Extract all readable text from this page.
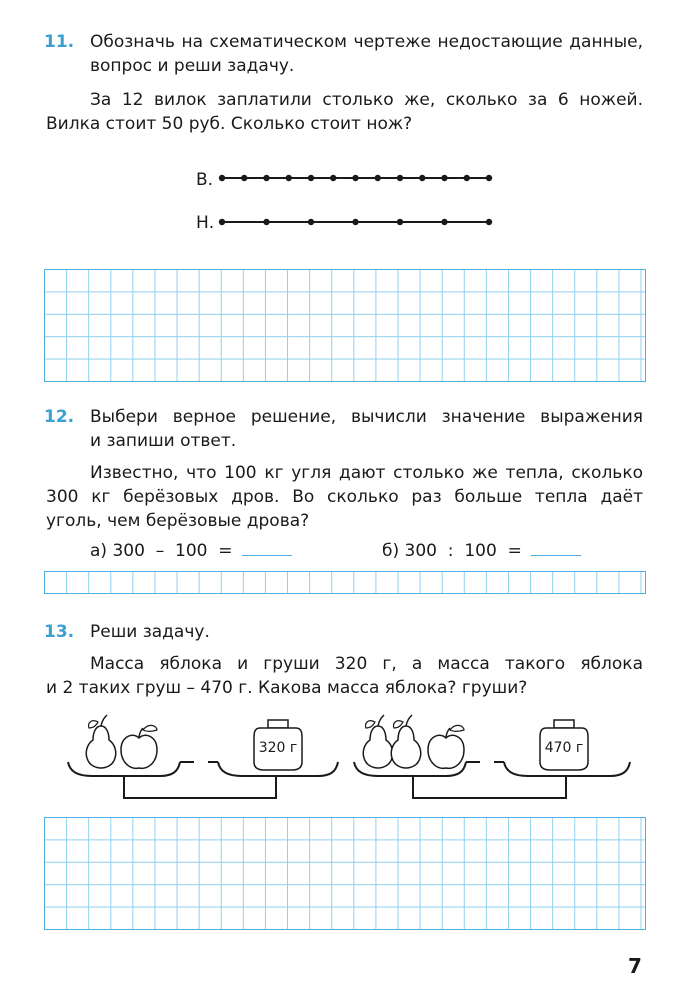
11. Обозначь на схематическом чертеже недостающие данные,
вопрос и реши задачу.
За 12 вилок заплатили столько же, сколько за 6 ножей.
Вилка стоит 50 руб. Сколько стоит нож?
В.
Н.
12. Выбери верное решение, вычисли значение выражения
и запиши ответ.
Известно, что 100 кг угля дают столько же тепла, сколько
300 кг берёзовых дров. Во сколько раз больше тепла даёт
уголь, чем берёзовые дрова?
а) 300  –  100  =	б) 300  :  100  =
13. Реши задачу.
Масса яблока и груши 320 г, а масса такого яблока
и 2 таких груш – 470 г. Какова масса яблока? груши?
320 г	470 г
7
